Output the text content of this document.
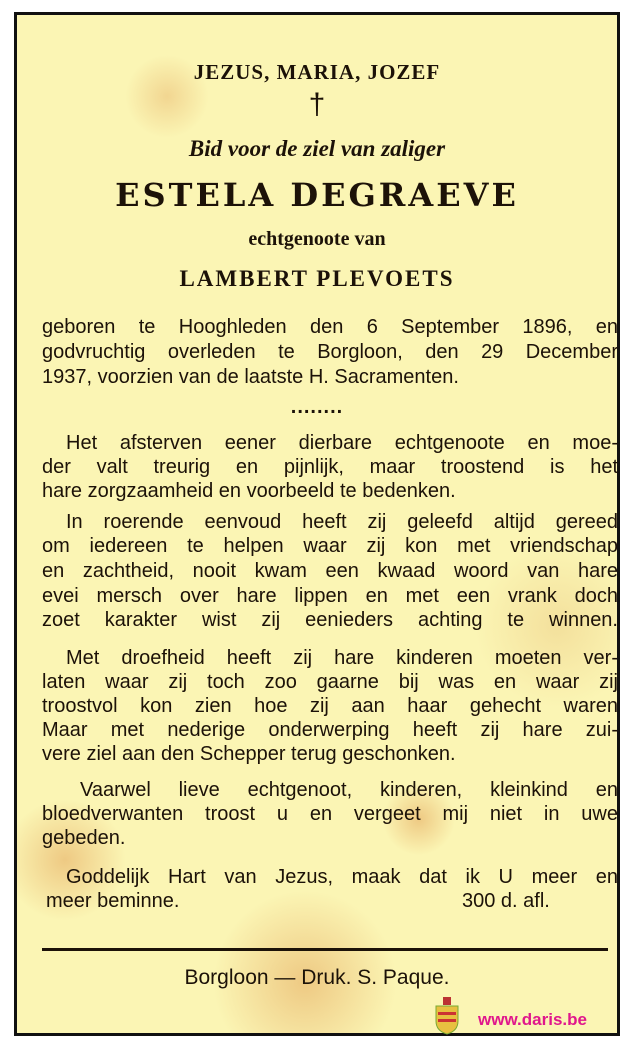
JEZUS, MARIA, JOZEF
†
Bid voor de ziel van zaliger
ESTELA DEGRAEVE
echtgenoote van
LAMBERT PLEVOETS
geboren te Hooghleden den 6 September 1896, en
godvruchtig overleden te Borgloon, den 29 December
1937, voorzien van de laatste H. Sacramenten.
........
Het afsterven eener dierbare echtgenoote en moe-
der valt treurig en pijnlijk, maar troostend is het
hare zorgzaamheid en voorbeeld te bedenken.
In roerende eenvoud heeft zij geleefd altijd gereed
om iedereen te helpen waar zij kon met vriendschap
en zachtheid, nooit kwam een kwaad woord van hare
evei mersch over hare lippen en met een vrank doch
zoet karakter wist zij eenieders achting te winnen.
Met droefheid heeft zij hare kinderen moeten ver-
laten waar zij toch zoo gaarne bij was en waar zij
troostvol kon zien hoe zij aan haar gehecht waren
Maar met nederige onderwerping heeft zij hare zui-
vere ziel aan den Schepper terug geschonken.
Vaarwel lieve echtgenoot, kinderen, kleinkind en
bloedverwanten troost u en vergeet mij niet in uwe
gebeden.
Goddelijk Hart van Jezus, maak dat ik U meer en
meer beminne.	300 d. afl.
Borgloon — Druk. S. Paque.
www.daris.be
